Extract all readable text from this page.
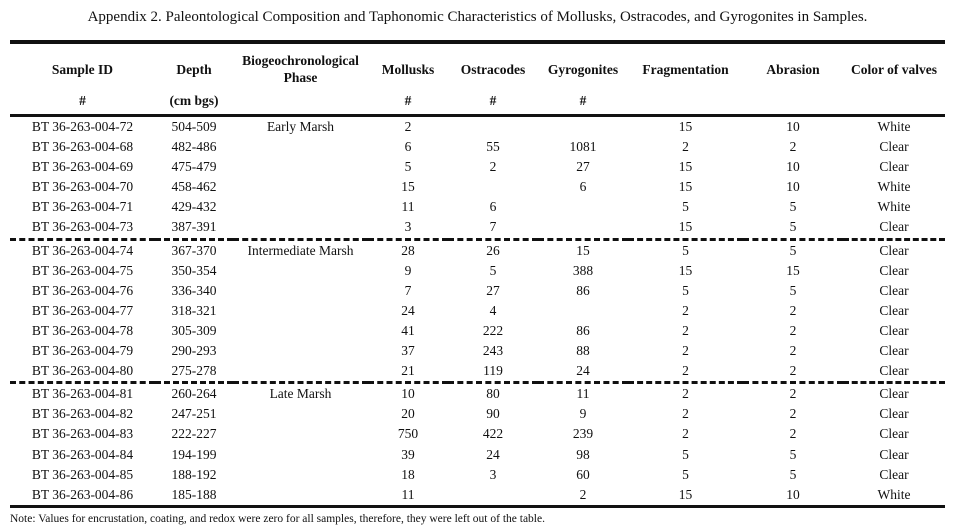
Appendix 2. Paleontological Composition and Taphonomic Characteristics of Mollusks, Ostracodes, and Gyrogonites in Samples.
Sample ID	Depth	Biogeochronological Phase	Mollusks	Ostracodes	Gyrogonites	Fragmentation	Abrasion	Color of valves
#	(cm bgs)		#	#	#			
BT 36-263-004-72	504-509	Early Marsh	2			15	10	White
BT 36-263-004-68	482-486		6	55	1081	2	2	Clear
BT 36-263-004-69	475-479		5	2	27	15	10	Clear
BT 36-263-004-70	458-462		15		6	15	10	White
BT 36-263-004-71	429-432		11	6		5	5	White
BT 36-263-004-73	387-391		3	7		15	5	Clear
BT 36-263-004-74	367-370	Intermediate Marsh	28	26	15	5	5	Clear
BT 36-263-004-75	350-354		9	5	388	15	15	Clear
BT 36-263-004-76	336-340		7	27	86	5	5	Clear
BT 36-263-004-77	318-321		24	4		2	2	Clear
BT 36-263-004-78	305-309		41	222	86	2	2	Clear
BT 36-263-004-79	290-293		37	243	88	2	2	Clear
BT 36-263-004-80	275-278		21	119	24	2	2	Clear
BT 36-263-004-81	260-264	Late Marsh	10	80	11	2	2	Clear
BT 36-263-004-82	247-251		20	90	9	2	2	Clear
BT 36-263-004-83	222-227		750	422	239	2	2	Clear
BT 36-263-004-84	194-199		39	24	98	5	5	Clear
BT 36-263-004-85	188-192		18	3	60	5	5	Clear
BT 36-263-004-86	185-188		11		2	15	10	White
Note: Values for encrustation, coating, and redox were zero for all samples, therefore, they were left out of the table.
